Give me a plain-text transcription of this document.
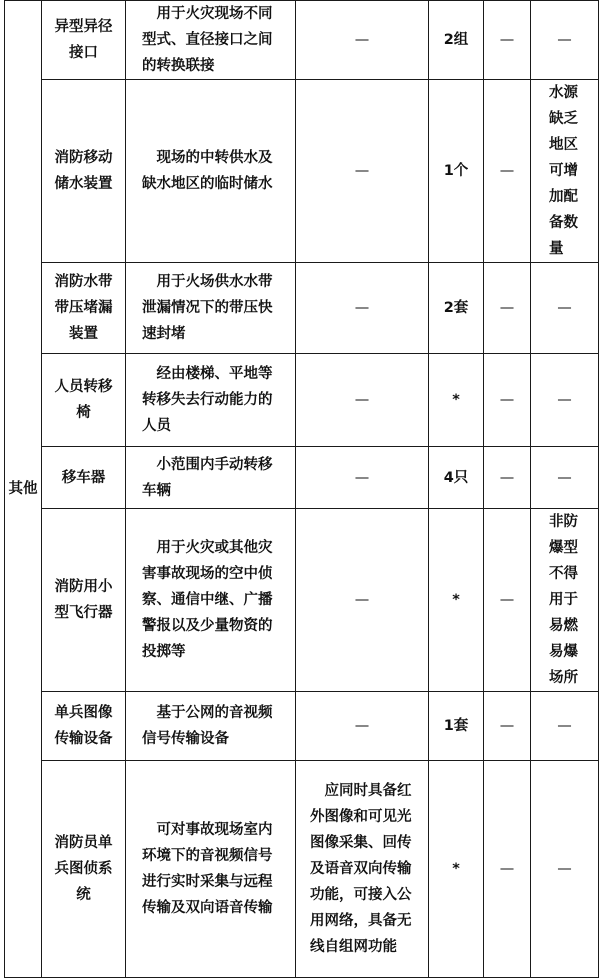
其他	异型异径接口	用于火灾现场不同型式、直径接口之间的转换联接	—	2组	—	—
	消防移动储水装置	现场的中转供水及缺水地区的临时储水	—	1个	—	水源缺乏地区可增加配备数量
	消防水带带压堵漏装置	用于火场供水水带泄漏情况下的带压快速封堵	—	2套	—	—
	人员转移椅	经由楼梯、平地等转移失去行动能力的人员	—	*	—	—
	移车器	小范围内手动转移车辆	—	4只	—	—
	消防用小型飞行器	用于火灾或其他灾害事故现场的空中侦察、通信中继、广播警报以及少量物资的投掷等	—	*	—	非防爆型不得用于易燃易爆场所
	单兵图像传输设备	基于公网的音视频信号传输设备	—	1套	—	—
	消防员单兵图侦系统	可对事故现场室内环境下的音视频信号进行实时采集与远程传输及双向语音传输	应同时具备红外图像和可见光图像采集、回传及语音双向传输功能，可接入公用网络，具备无线自组网功能	*	—	—
